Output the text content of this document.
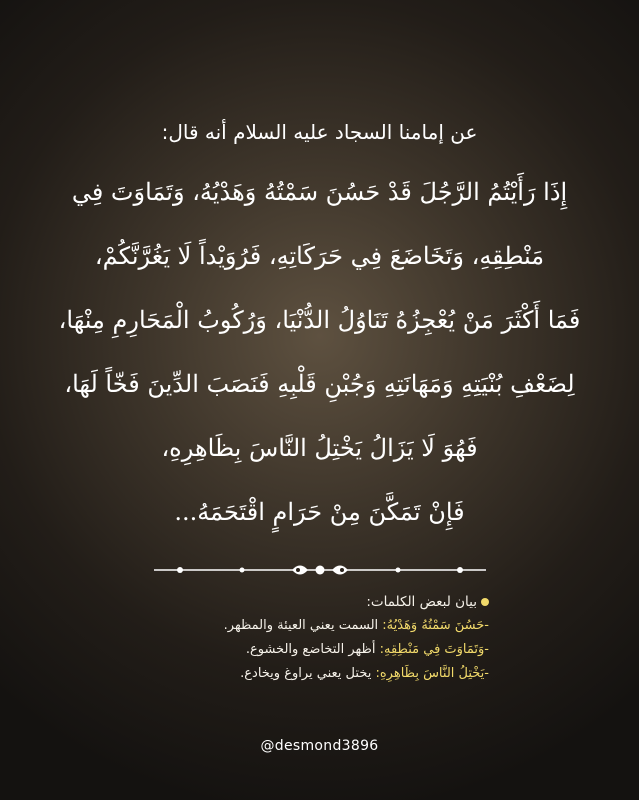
عن إمامنا السجاد عليه السلام أنه قال:
إِذَا رَأَيْتُمُ الرَّجُلَ قَدْ حَسُنَ سَمْتُهُ وَهَدْيُهُ، وَتَمَاوَتَ فِي
مَنْطِقِهِ، وَتَخَاضَعَ فِي حَرَكَاتِهِ، فَرُوَيْداً لَا يَغُرَّنَّكُمْ،
فَمَا أَكْثَرَ مَنْ يُعْجِزُهُ تَنَاوُلُ الدُّنْيَا، وَرُكُوبُ الْمَحَارِمِ مِنْهَا،
لِضَعْفِ بُنْيَتِهِ وَمَهَانَتِهِ وَجُبْنِ قَلْبِهِ فَنَصَبَ الدِّينَ فَخّاً لَهَا،
فَهُوَ لَا يَزَالُ يَخْتِلُ النَّاسَ بِظَاهِرِهِ،
فَإِنْ تَمَكَّنَ مِنْ حَرَامٍ اقْتَحَمَهُ...
بيان لبعض الكلمات:
-حَسُنَ سَمْتُهُ وَهَدْيُهُ: السمت يعني العيئة والمظهر.
-وَتَمَاوَتَ فِي مَنْطِقِهِ: أظهر التخاضع والخشوع.
-يَخْتِلُ النَّاسَ بِظَاهِرِهِ: يختل يعني يراوغ ويخادع.
@desmond3896
